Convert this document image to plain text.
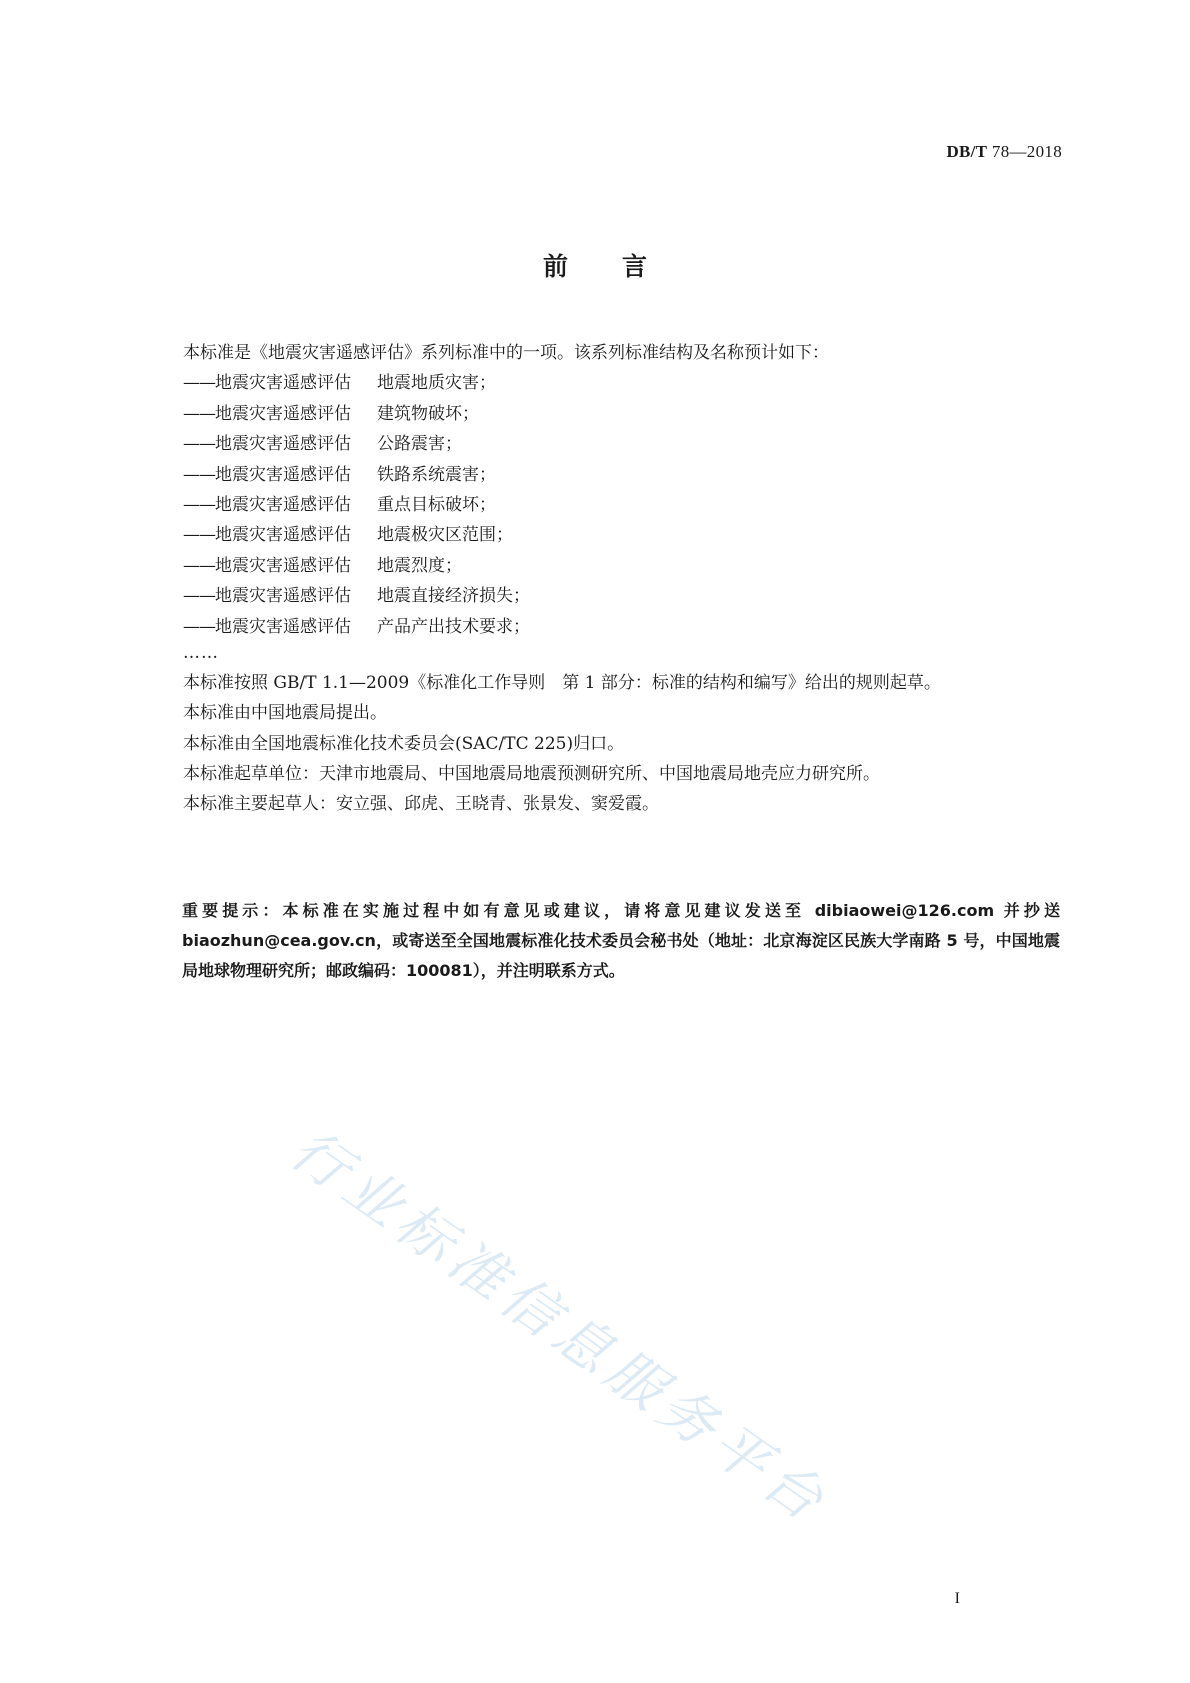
DB/T 78—2018
前言
本标准是《地震灾害遥感评估》系列标准中的一项。该系列标准结构及名称预计如下：
——地震灾害遥感评估 地震地质灾害；
——地震灾害遥感评估 建筑物破坏；
——地震灾害遥感评估 公路震害；
——地震灾害遥感评估 铁路系统震害；
——地震灾害遥感评估 重点目标破坏；
——地震灾害遥感评估 地震极灾区范围；
——地震灾害遥感评估 地震烈度；
——地震灾害遥感评估 地震直接经济损失；
——地震灾害遥感评估 产品产出技术要求；
……
本标准按照 GB/T 1.1—2009《标准化工作导则　第 1 部分：标准的结构和编写》给出的规则起草。
本标准由中国地震局提出。
本标准由全国地震标准化技术委员会(SAC/TC 225)归口。
本标准起草单位：天津市地震局、中国地震局地震预测研究所、中国地震局地壳应力研究所。
本标准主要起草人：安立强、邱虎、王晓青、张景发、窦爱霞。
重要提示：本标准在实施过程中如有意见或建议，请将意见建议发送至 dibiaowei@126.com 并抄送 biaozhun@cea.gov.cn，或寄送至全国地震标准化技术委员会秘书处（地址：北京海淀区民族大学南路 5 号，中国地震局地球物理研究所；邮政编码：100081），并注明联系方式。
行业标准信息服务平台
I
